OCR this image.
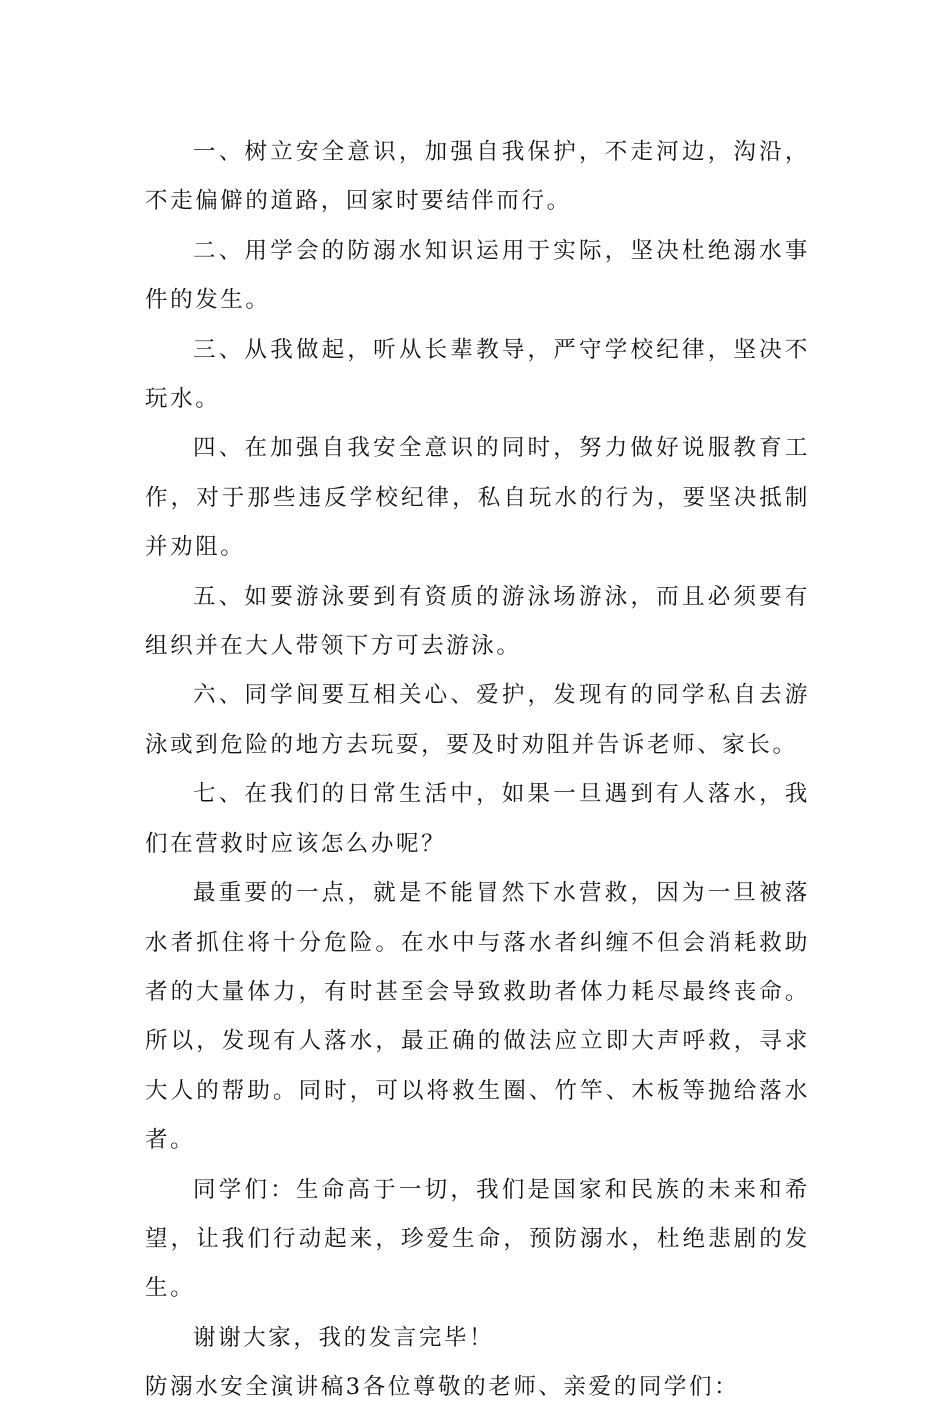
一、树立安全意识，加强自我保护，不走河边，沟沿，不走偏僻的道路，回家时要结伴而行。

二、用学会的防溺水知识运用于实际，坚决杜绝溺水事件的发生。

三、从我做起，听从长辈教导，严守学校纪律，坚决不玩水。

四、在加强自我安全意识的同时，努力做好说服教育工作，对于那些违反学校纪律，私自玩水的行为，要坚决抵制并劝阻。

五、如要游泳要到有资质的游泳场游泳，而且必须要有组织并在大人带领下方可去游泳。

六、同学间要互相关心、爱护，发现有的同学私自去游泳或到危险的地方去玩耍，要及时劝阻并告诉老师、家长。

七、在我们的日常生活中，如果一旦遇到有人落水，我们在营救时应该怎么办呢？

最重要的一点，就是不能冒然下水营救，因为一旦被落水者抓住将十分危险。在水中与落水者纠缠不但会消耗救助者的大量体力，有时甚至会导致救助者体力耗尽最终丧命。所以，发现有人落水，最正确的做法应立即大声呼救，寻求大人的帮助。同时，可以将救生圈、竹竿、木板等抛给落水者。

同学们：生命高于一切，我们是国家和民族的未来和希望，让我们行动起来，珍爱生命，预防溺水，杜绝悲剧的发生。

谢谢大家，我的发言完毕！

防溺水安全演讲稿3各位尊敬的老师、亲爱的同学们：
